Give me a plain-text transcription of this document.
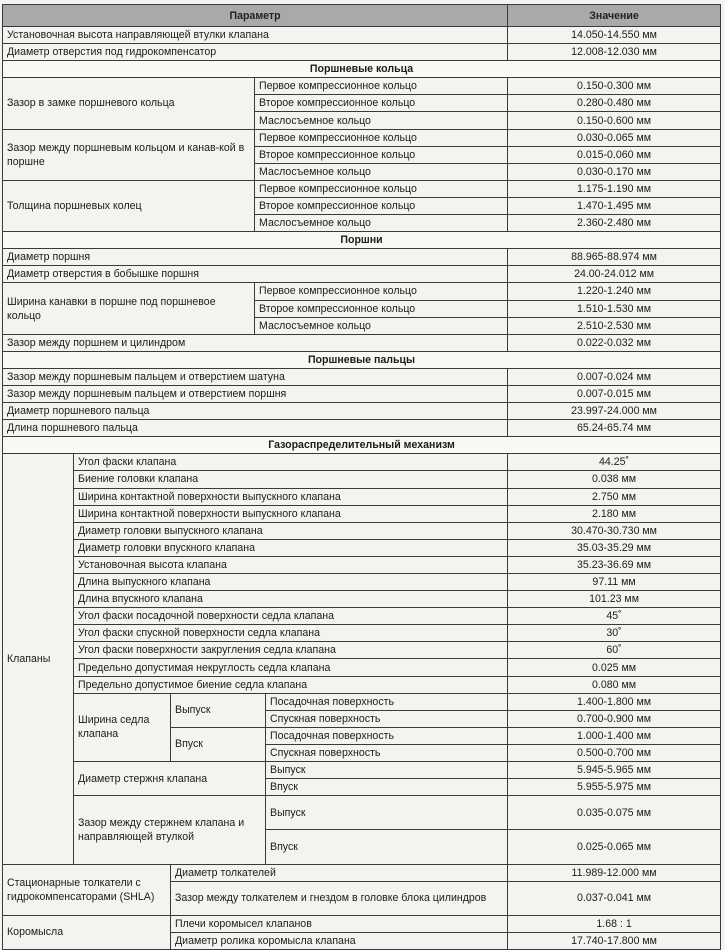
Параметр					Значение
Установочная высота направляющей втулки клапана					14.050-14.550 мм
Диаметр отверстия под гидрокомпенсатор					12.008-12.030 мм
Поршневые кольца					
Зазор в замке поршневого кольца			Первое компрессионное кольцо		0.150-0.300 мм
			Второе компрессионное кольцо		0.280-0.480 мм
			Маслосъемное кольцо		0.150-0.600 мм
Зазор между поршневым кольцом и канав-кой в поршне			Первое компрессионное кольцо		0.030-0.065 мм
			Второе компрессионное кольцо		0.015-0.060 мм
			Маслосъемное кольцо		0.030-0.170 мм
Толщина поршневых колец			Первое компрессионное кольцо		1.175-1.190 мм
			Второе компрессионное кольцо		1.470-1.495 мм
			Маслосъемное кольцо		2.360-2.480 мм
Поршни					
Диаметр поршня					88.965-88.974 мм
Диаметр отверстия в бобышке поршня					24.00-24.012 мм
Ширина канавки в поршне под поршневое кольцо			Первое компрессионное кольцо		1.220-1.240 мм
			Второе компрессионное кольцо		1.510-1.530 мм
			Маслосъемное кольцо		2.510-2.530 мм
Зазор между поршнем и цилиндром					0.022-0.032 мм
Поршневые пальцы					
Зазор между поршневым пальцем и отверстием шатуна					0.007-0.024 мм
Зазор между поршневым пальцем и отверстием поршня					0.007-0.015 мм
Диаметр поршневого пальца					23.997-24.000 мм
Длина поршневого пальца					65.24-65.74 мм
Газораспределительный механизм					
Клапаны	Угол фаски клапана				44.25˚
	Биение головки клапана				0.038 мм
	Ширина контактной поверхности выпускного клапана				2.750 мм
	Ширина контактной поверхности выпускного клапана				2.180 мм
	Диаметр головки выпускного клапана				30.470-30.730 мм
	Диаметр головки впускного клапана				35.03-35.29 мм
	Установочная высота клапана				35.23-36.69 мм
	Длина выпускного клапана				97.11 мм
	Длина впускного клапана				101.23 мм
	Угол фаски посадочной поверхности седла клапана				45˚
	Угол фаски спускной поверхности седла клапана				30˚
	Угол фаски поверхности закругления седла клапана				60˚
	Предельно допустимая некруглость седла клапана				0.025 мм
	Предельно допустимое биение седла клапана				0.080 мм
	Ширина седла клапана	Выпуск		Посадочная поверхность	1.400-1.800 мм
				Спускная поверхность	0.700-0.900 мм
		Впуск		Посадочная поверхность	1.000-1.400 мм
				Спускная поверхность	0.500-0.700 мм
	Диаметр стержня клапана			Выпуск	5.945-5.965 мм
				Впуск	5.955-5.975 мм
	Зазор между стержнем клапана и направляющей втулкой			Выпуск	0.035-0.075 мм

				Впуск	0.025-0.065 мм

Стационарные толкатели с гидрокомпенсаторами (SHLA)		Диаметр толкателей			11.989-12.000 мм
		Зазор между толкателем и гнездом в головке блока цилиндров			0.037-0.041 мм

Коромысла		Плечи коромысел клапанов			1.68 : 1
		Диаметр ролика коромысла клапана			17.740-17.800 мм
